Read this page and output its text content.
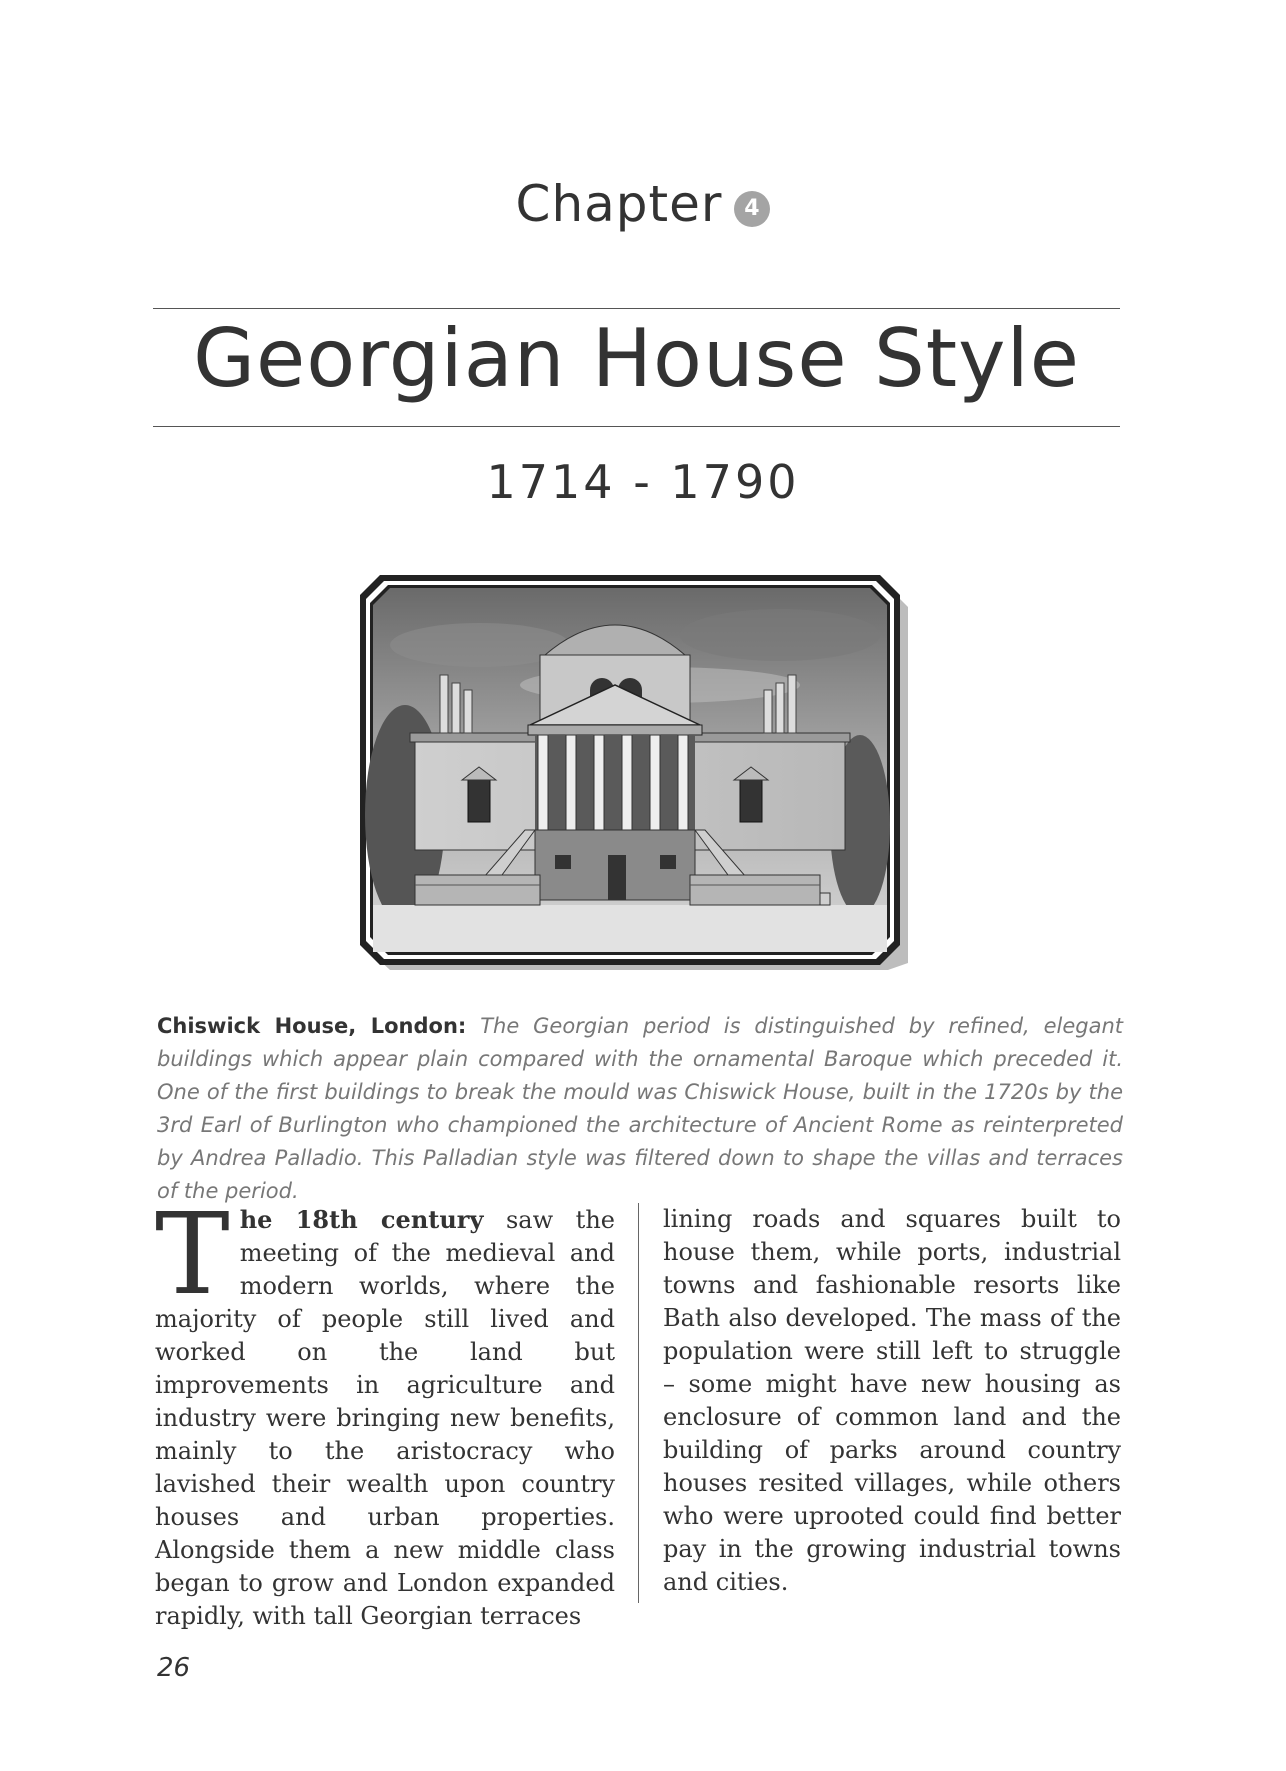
Chapter 4
Georgian House Style
1714 - 1790
Chiswick House, London: The Georgian period is distinguished by refined, elegant buildings which appear plain compared with the ornamental Baroque which preceded it. One of the first buildings to break the mould was Chiswick House, built in the 1720s by the 3rd Earl of Burlington who championed the architecture of Ancient Rome as reinterpreted by Andrea Palladio. This Palladian style was filtered down to shape the villas and terraces of the period.
The 18th century saw the meeting of the medieval and modern worlds, where the majority of people still lived and worked on the land but improvements in agriculture and industry were bringing new benefits, mainly to the aristocracy who lavished their wealth upon country houses and urban properties. Alongside them a new middle class began to grow and London expanded rapidly, with tall Georgian terraces
lining roads and squares built to house them, while ports, industrial towns and fashionable resorts like Bath also developed. The mass of the population were still left to struggle – some might have new housing as enclosure of common land and the building of parks around country houses resited villages, while others who were uprooted could find better pay in the growing industrial towns and cities.
26
